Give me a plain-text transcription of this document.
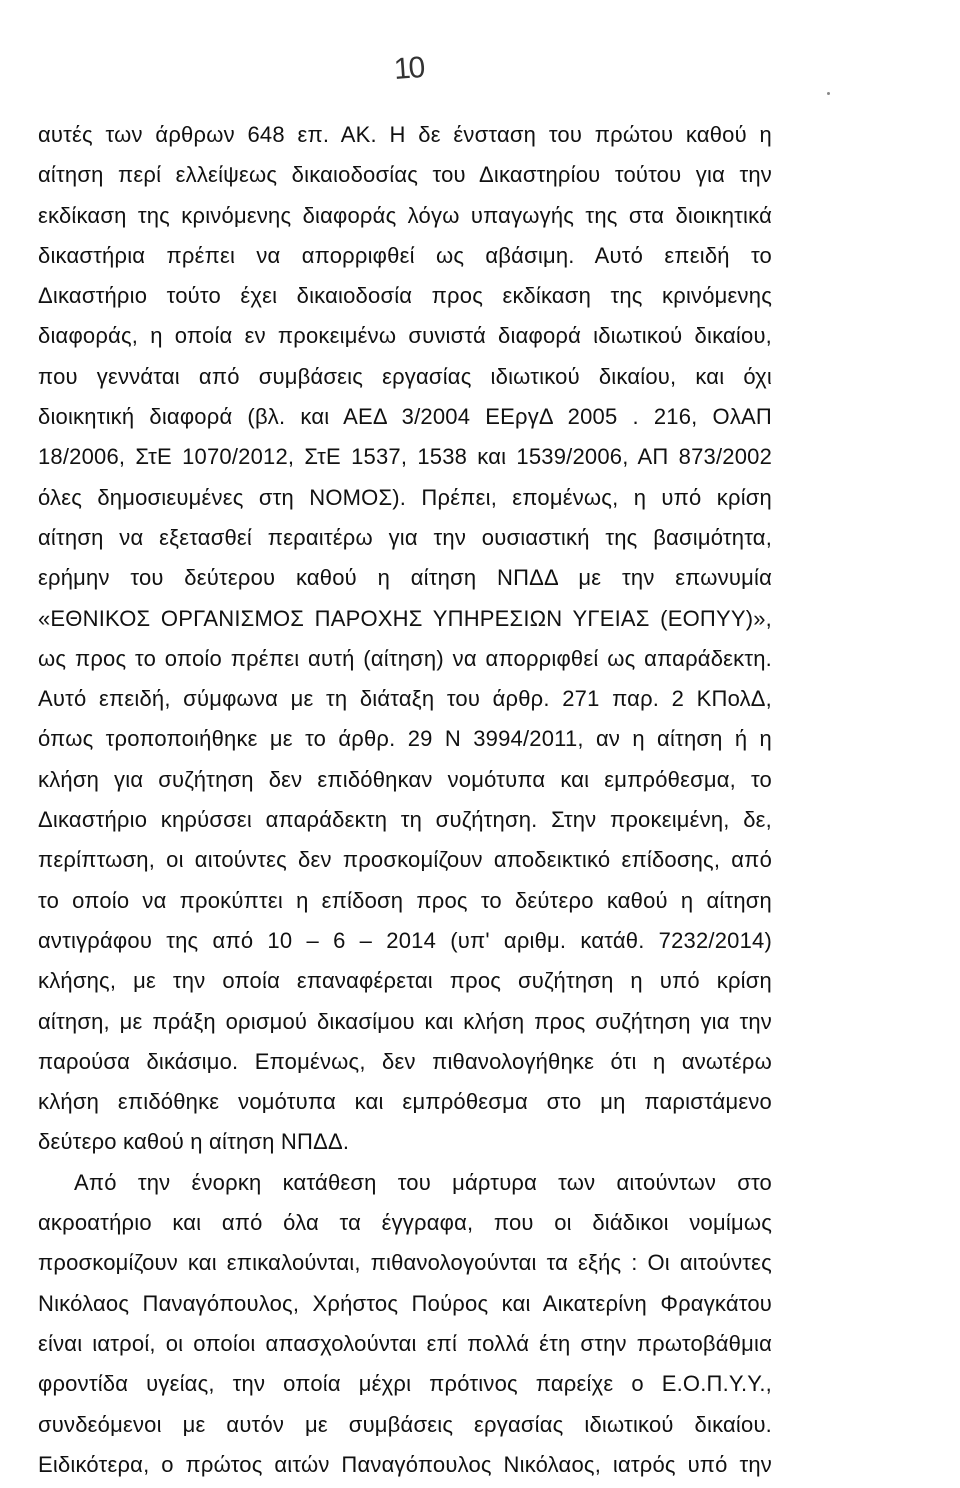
10
αυτές των άρθρων 648 επ. ΑΚ. Η δε ένσταση του πρώτου καθού η
αίτηση περί ελλείψεως δικαιοδοσίας του Δικαστηρίου τούτου για την
εκδίκαση της κρινόμενης διαφοράς λόγω υπαγωγής της στα διοικητικά
δικαστήρια πρέπει να απορριφθεί ως αβάσιμη. Αυτό επειδή το
Δικαστήριο τούτο έχει δικαιοδοσία προς εκδίκαση της κρινόμενης
διαφοράς, η οποία εν προκειμένω συνιστά διαφορά ιδιωτικού δικαίου,
που γεννάται από συμβάσεις εργασίας ιδιωτικού δικαίου, και όχι
διοικητική διαφορά (βλ. και ΑΕΔ 3/2004 ΕΕργΔ 2005 . 216, ΟλΑΠ
18/2006, ΣτΕ 1070/2012, ΣτΕ 1537, 1538 και 1539/2006, ΑΠ 873/2002
όλες δημοσιευμένες στη ΝΟΜΟΣ). Πρέπει, επομένως, η υπό κρίση
αίτηση να εξετασθεί περαιτέρω για την ουσιαστική της βασιμότητα,
ερήμην του δεύτερου καθού η αίτηση ΝΠΔΔ με την επωνυμία
«ΕΘΝΙΚΟΣ ΟΡΓΑΝΙΣΜΟΣ ΠΑΡΟΧΗΣ ΥΠΗΡΕΣΙΩΝ ΥΓΕΙΑΣ (ΕΟΠΥΥ)»,
ως προς το οποίο πρέπει αυτή (αίτηση) να απορριφθεί ως απαράδεκτη.
Αυτό επειδή, σύμφωνα με τη διάταξη του άρθρ. 271 παρ. 2 ΚΠολΔ,
όπως τροποποιήθηκε με το άρθρ. 29 Ν 3994/2011, αν η αίτηση ή η
κλήση για συζήτηση δεν επιδόθηκαν νομότυπα και εμπρόθεσμα, το
Δικαστήριο κηρύσσει απαράδεκτη τη συζήτηση. Στην προκειμένη, δε,
περίπτωση, οι αιτούντες δεν προσκομίζουν αποδεικτικό επίδοσης, από
το οποίο να προκύπτει η επίδοση προς το δεύτερο καθού η αίτηση
αντιγράφου της από 10 – 6 – 2014 (υπ' αριθμ. κατάθ. 7232/2014)
κλήσης, με την οποία επαναφέρεται προς συζήτηση η υπό κρίση
αίτηση, με πράξη ορισμού δικασίμου και κλήση προς συζήτηση για την
παρούσα δικάσιμο. Επομένως, δεν πιθανολογήθηκε ότι η ανωτέρω
κλήση επιδόθηκε νομότυπα και εμπρόθεσμα στο μη παριστάμενο
δεύτερο καθού η αίτηση ΝΠΔΔ.
Από την ένορκη κατάθεση του μάρτυρα των αιτούντων στο
ακροατήριο και από όλα τα έγγραφα, που οι διάδικοι νομίμως
προσκομίζουν και επικαλούνται, πιθανολογούνται τα εξής : Οι αιτούντες
Νικόλαος Παναγόπουλος, Χρήστος Πούρος και Αικατερίνη Φραγκάτου
είναι ιατροί, οι οποίοι απασχολούνται επί πολλά έτη στην πρωτοβάθμια
φροντίδα υγείας, την οποία μέχρι πρότινος παρείχε ο Ε.Ο.Π.Υ.Υ.,
συνδεόμενοι με αυτόν με συμβάσεις εργασίας ιδιωτικού δικαίου.
Ειδικότερα, ο πρώτος αιτών Παναγόπουλος Νικόλαος, ιατρός υπό την
